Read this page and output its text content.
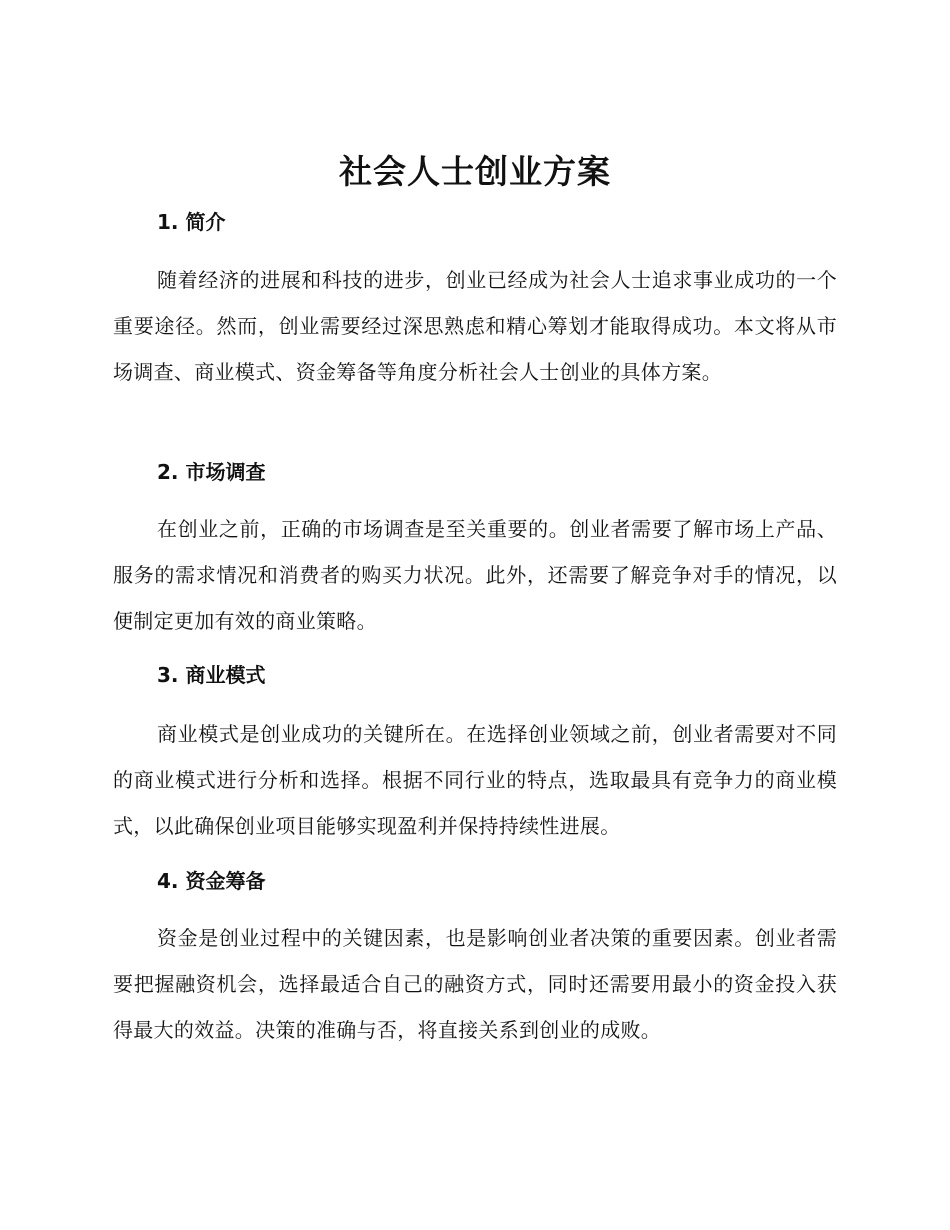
社会人士创业方案
1. 简介

随着经济的进展和科技的进步，创业已经成为社会人士追求事业成功的一个重要途径。然而，创业需要经过深思熟虑和精心筹划才能取得成功。本文将从市场调查、商业模式、资金筹备等角度分析社会人士创业的具体方案。

2. 市场调查

在创业之前，正确的市场调查是至关重要的。创业者需要了解市场上产品、服务的需求情况和消费者的购买力状况。此外，还需要了解竞争对手的情况，以便制定更加有效的商业策略。

3. 商业模式

商业模式是创业成功的关键所在。在选择创业领域之前，创业者需要对不同的商业模式进行分析和选择。根据不同行业的特点，选取最具有竞争力的商业模式，以此确保创业项目能够实现盈利并保持持续性进展。

4. 资金筹备

资金是创业过程中的关键因素，也是影响创业者决策的重要因素。创业者需要把握融资机会，选择最适合自己的融资方式，同时还需要用最小的资金投入获得最大的效益。决策的准确与否，将直接关系到创业的成败。
